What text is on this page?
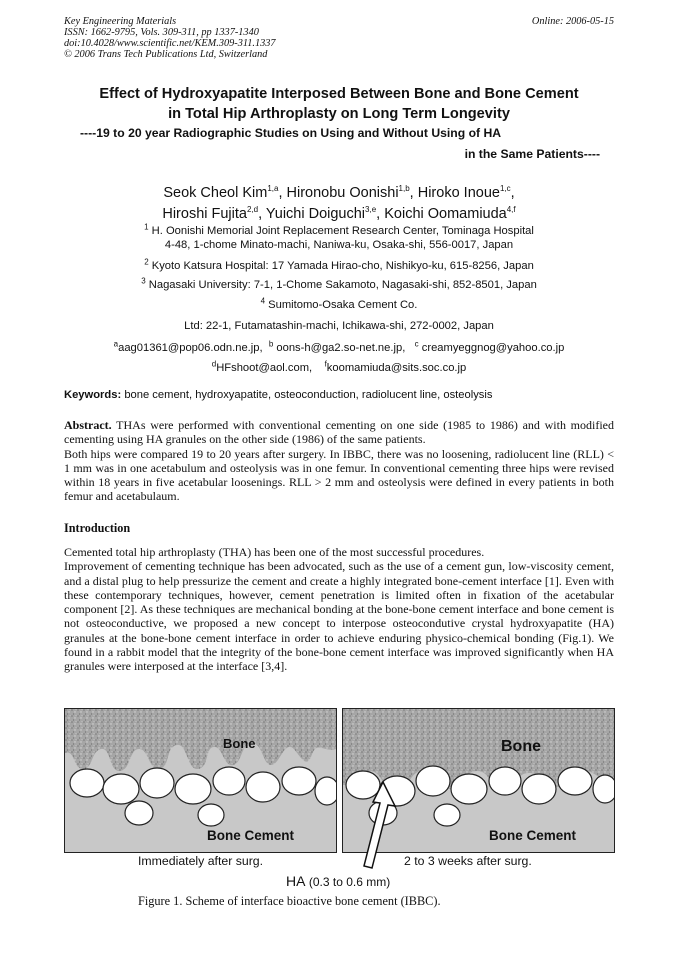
Key Engineering Materials
ISSN: 1662-9795, Vols. 309-311, pp 1337-1340
doi:10.4028/www.scientific.net/KEM.309-311.1337
© 2006 Trans Tech Publications Ltd, Switzerland
Online: 2006-05-15
Effect of Hydroxyapatite Interposed Between Bone and Bone Cement
in Total Hip Arthroplasty on Long Term Longevity
----19 to 20 year Radiographic Studies on Using and Without Using of HA
in the Same Patients----
Seok Cheol Kim$^{1,a}$, Hironobu Oonishi$^{1,b}$, Hiroko Inoue$^{1,c}$,
Hiroshi Fujita$^{2,d}$, Yuichi Doiguchi$^{3,e}$, Koichi Oomamiuda$^{4,f}$
$^1$ H. Oonishi Memorial Joint Replacement Research Center, Tominaga Hospital
4-48, 1-chome Minato-machi, Naniwa-ku, Osaka-shi, 556-0017, Japan
$^2$ Kyoto Katsura Hospital: 17 Yamada Hirao-cho, Nishikyo-ku, 615-8256, Japan
$^3$ Nagasaki University: 7-1, 1-Chome Sakamoto, Nagasaki-shi, 852-8501, Japan
$^4$ Sumitomo-Osaka Cement Co.
Ltd: 22-1, Futamatashin-machi, Ichikawa-shi, 272-0002, Japan
$^a$aag01361@pop06.odn.ne.jp, $^b$ oons-h@ga2.so-net.ne.jp, $^c$ creamyeggnog@yahoo.co.jp
$^d$HFshoot@aol.com, $^f$koomamiuda@sits.soc.co.jp
Keywords: bone cement, hydroxyapatite, osteoconduction, radiolucent line, osteolysis
Abstract. THAs were performed with conventional cementing on one side (1985 to 1986) and with modified cementing using HA granules on the other side (1986) of the same patients.
Both hips were compared 19 to 20 years after surgery. In IBBC, there was no loosening, radiolucent line (RLL) < 1 mm was in one acetabulum and osteolysis was in one femur. In conventional cementing three hips were revised within 18 years in five acetabular loosenings. RLL > 2 mm and osteolysis were defined in every patients in both femur and acetabulaum.
Introduction
Cemented total hip arthroplasty (THA) has been one of the most successful procedures.
Improvement of cementing technique has been advocated, such as the use of a cement gun, low-viscosity cement, and a distal plug to help pressurize the cement and create a highly integrated bone-cement interface [1]. Even with these contemporary techniques, however, cement penetration is limited often in fixation of the acetabular component [2]. As these techniques are mechanical bonding at the bone-bone cement interface and bone cement is not osteoconductive, we proposed a new concept to interpose osteocondutive crystal hydroxyapatite (HA) granules at the bone-bone cement interface in order to achieve enduring physico-chemical bonding (Fig.1). We found in a rabbit model that the integrity of the bone-bone cement interface was improved significantly when HA granules were interposed at the interface [3,4].
Bone
Bone Cement
Bone
Bone Cement
Immediately after surg.	2 to 3 weeks after surg.
HA (0.3 to 0.6 mm)
Figure 1. Scheme of interface bioactive bone cement (IBBC).
